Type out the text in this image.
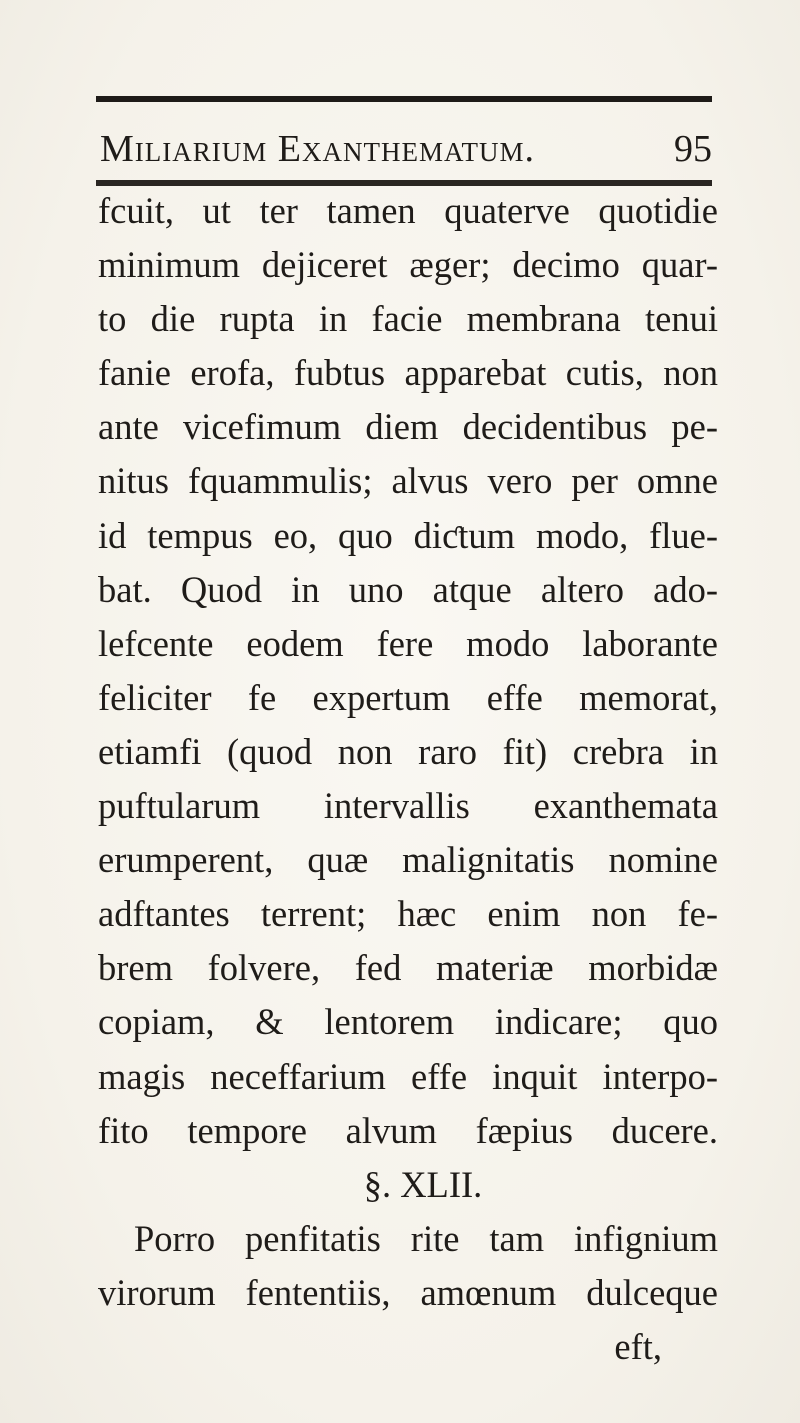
Miliarium Exanthematum.	95
fcuit, ut ter tamen quaterve quotidie
minimum dejiceret æger; decimo quar-
to die rupta in facie membrana tenui
fanie erofa, fubtus apparebat cutis, non
ante vicefimum diem decidentibus pe-
nitus fquammulis; alvus vero per omne
id tempus eo, quo diƈtum modo, flue-
bat. Quod in uno atque altero ado-
lefcente eodem fere modo laborante
feliciter fe expertum effe memorat,
etiamfi (quod non raro fit) crebra in
puftularum intervallis exanthemata
erumperent, quæ malignitatis nomine
adftantes terrent; hæc enim non fe-
brem folvere, fed materiæ morbidæ
copiam, & lentorem indicare; quo
magis neceffarium effe inquit interpo-
fito tempore alvum fæpius ducere.
§. XLII.
Porro penfitatis rite tam infignium
virorum fententiis, amœnum dulceque
eft,
